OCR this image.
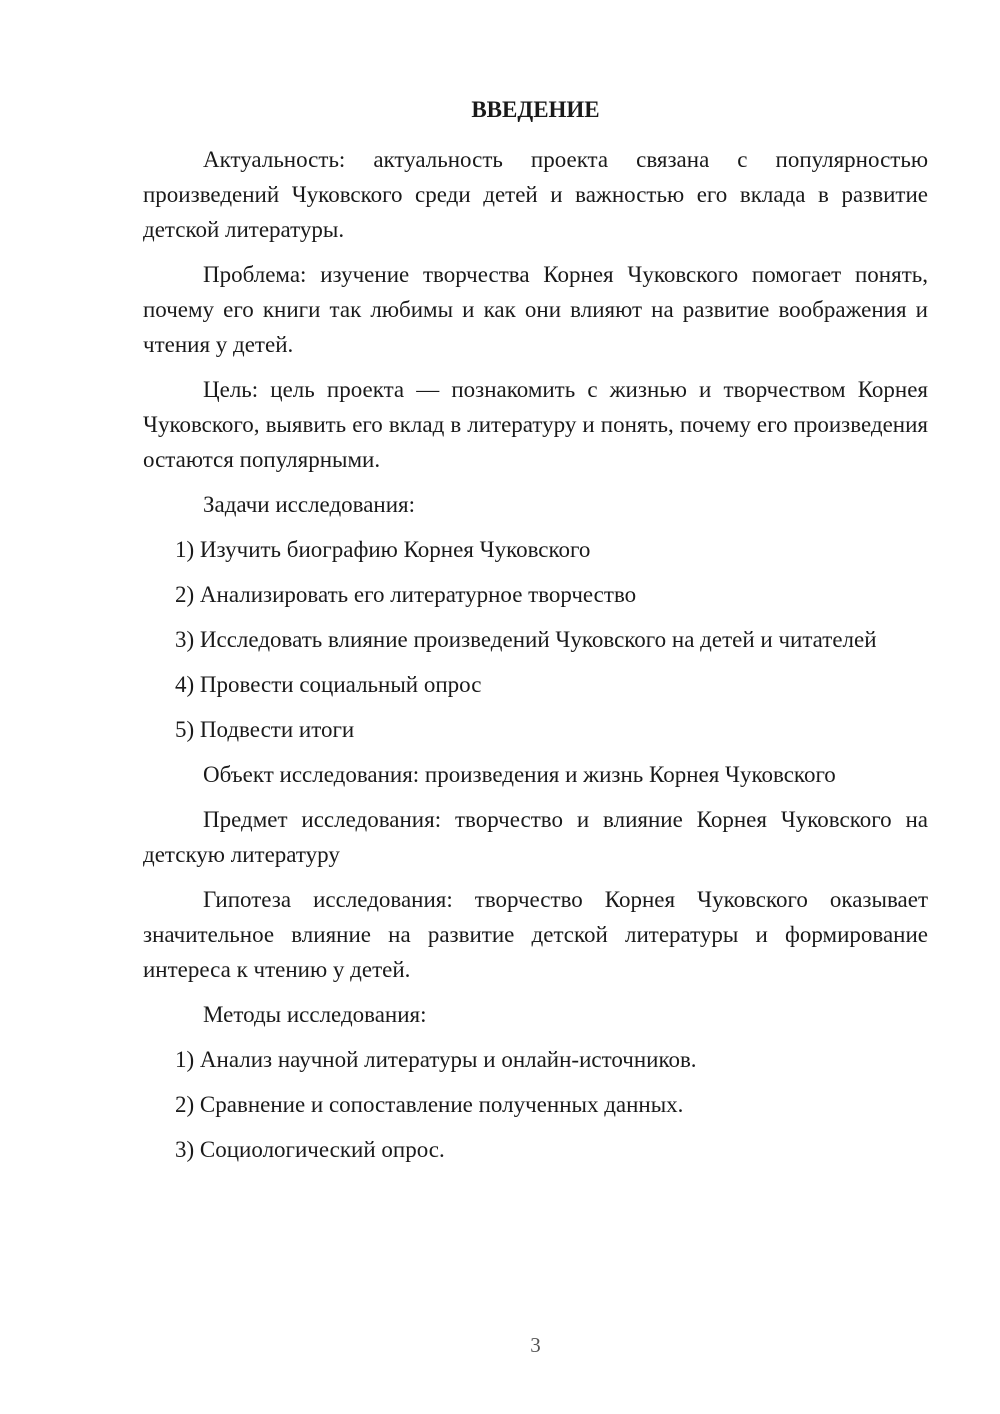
ВВЕДЕНИЕ

Актуальность: актуальность проекта связана с популярностью произведений Чуковского среди детей и важностью его вклада в развитие детской литературы.

Проблема: изучение творчества Корнея Чуковского помогает понять, почему его книги так любимы и как они влияют на развитие воображения и чтения у детей.

Цель: цель проекта — познакомить с жизнью и творчеством Корнея Чуковского, выявить его вклад в литературу и понять, почему его произведения остаются популярными.

Задачи исследования:

1) Изучить биографию Корнея Чуковского

2) Анализировать его литературное творчество

3) Исследовать влияние произведений Чуковского на детей и читателей

4) Провести социальный опрос

5) Подвести итоги

Объект исследования: произведения и жизнь Корнея Чуковского

Предмет исследования: творчество и влияние Корнея Чуковского на детскую литературу

Гипотеза исследования: творчество Корнея Чуковского оказывает значительное влияние на развитие детской литературы и формирование интереса к чтению у детей.

Методы исследования:

1) Анализ научной литературы и онлайн-источников.

2) Сравнение и сопоставление полученных данных.

3) Социологический опрос.

3
